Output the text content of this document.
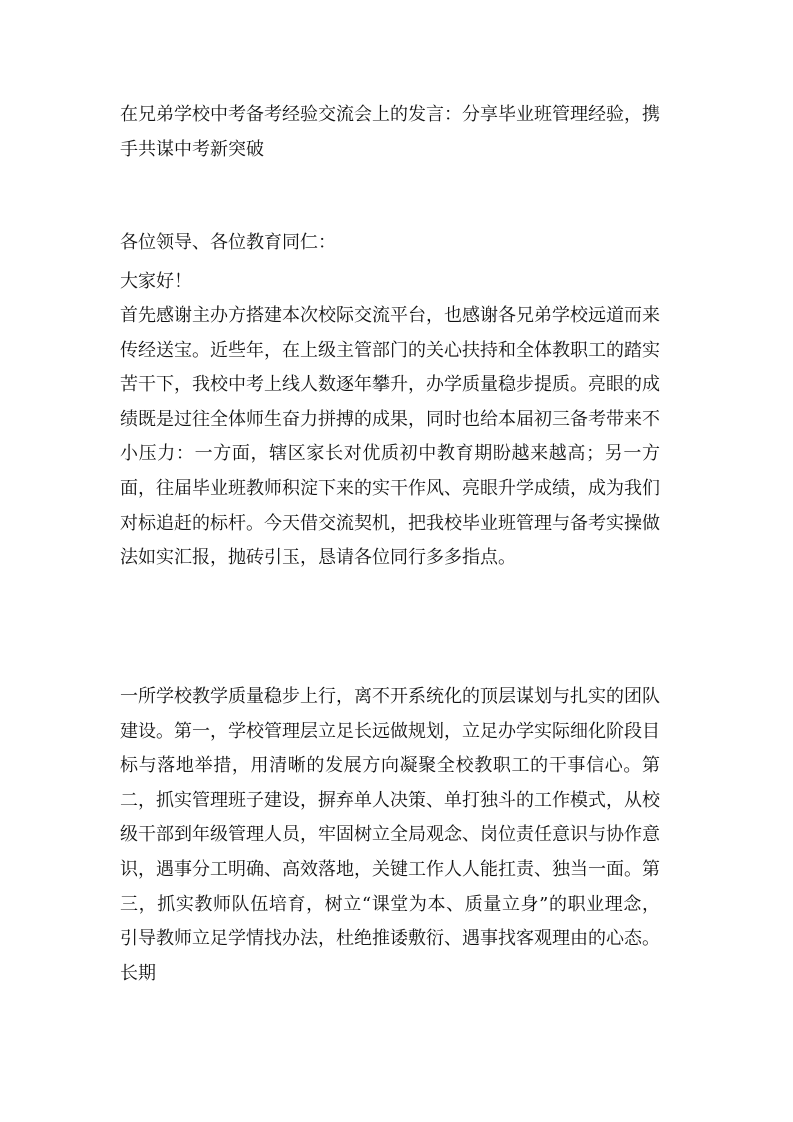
在兄弟学校中考备考经验交流会上的发言：分享毕业班管理经验，携手共谋中考新突破

各位领导、各位教育同仁：

大家好！

首先感谢主办方搭建本次校际交流平台，也感谢各兄弟学校远道而来传经送宝。近些年，在上级主管部门的关心扶持和全体教职工的踏实苦干下，我校中考上线人数逐年攀升，办学质量稳步提质。亮眼的成绩既是过往全体师生奋力拼搏的成果，同时也给本届初三备考带来不小压力：一方面，辖区家长对优质初中教育期盼越来越高；另一方面，往届毕业班教师积淀下来的实干作风、亮眼升学成绩，成为我们对标追赶的标杆。今天借交流契机，把我校毕业班管理与备考实操做法如实汇报，抛砖引玉，恳请各位同行多多指点。

一所学校教学质量稳步上行，离不开系统化的顶层谋划与扎实的团队建设。第一，学校管理层立足长远做规划，立足办学实际细化阶段目标与落地举措，用清晰的发展方向凝聚全校教职工的干事信心。第二，抓实管理班子建设，摒弃单人决策、单打独斗的工作模式，从校级干部到年级管理人员，牢固树立全局观念、岗位责任意识与协作意识，遇事分工明确、高效落地，关键工作人人能扛责、独当一面。第三，抓实教师队伍培育，树立“课堂为本、质量立身”的职业理念，引导教师立足学情找办法，杜绝推诿敷衍、遇事找客观理由的心态。长期
